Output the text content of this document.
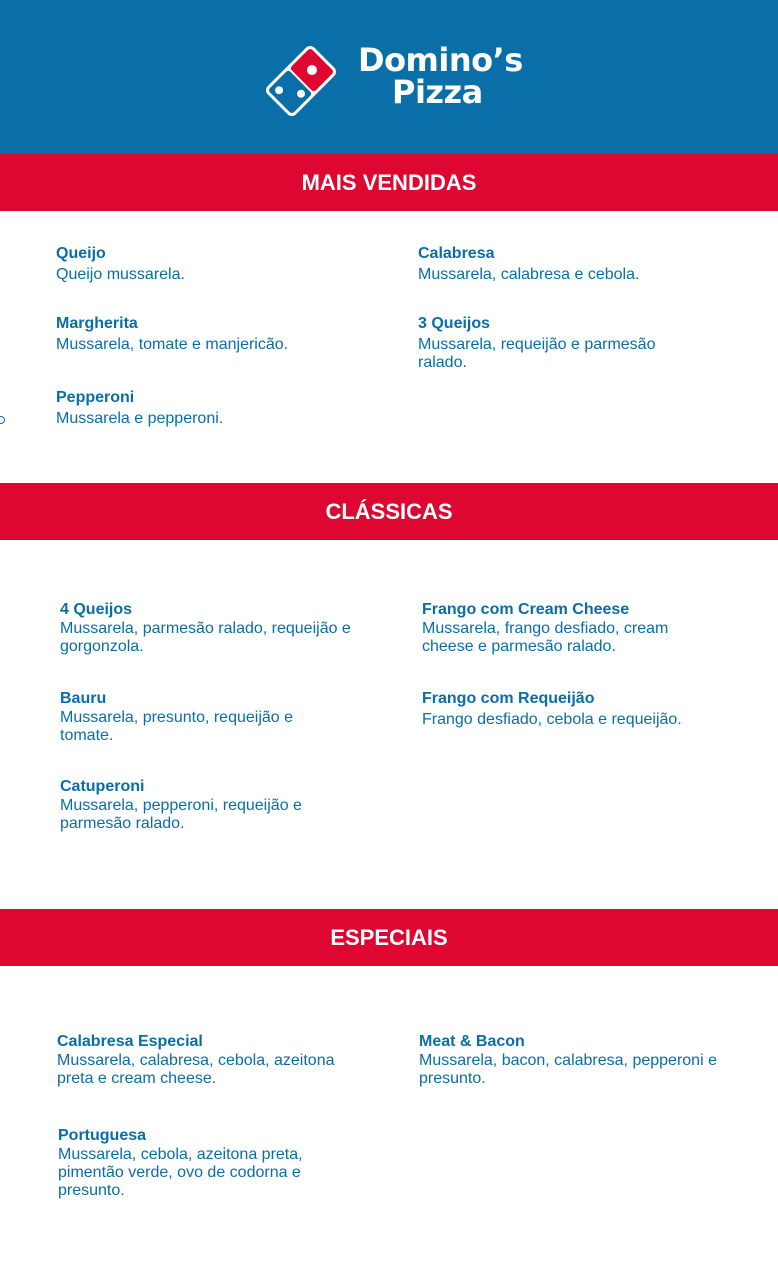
Domino’s
Pizza
MAIS VENDIDAS
Queijo
Queijo mussarela.
Calabresa
Mussarela, calabresa e cebola.
Margherita
Mussarela, tomate e manjericão.
3 Queijos
Mussarela, requeijão e parmesão ralado.
Pepperoni
Mussarela e pepperoni.
CLÁSSICAS
4 Queijos
Mussarela, parmesão ralado, requeijão e gorgonzola.
Frango com Cream Cheese
Mussarela, frango desfiado, cream cheese e parmesão ralado.
Bauru
Mussarela, presunto, requeijão e tomate.
Frango com Requeijão
Frango desfiado, cebola e requeijão.
Catuperoni
Mussarela, pepperoni, requeijão e parmesão ralado.
ESPECIAIS
Calabresa Especial
Mussarela, calabresa, cebola, azeitona preta e cream cheese.
Meat & Bacon
Mussarela, bacon, calabresa, pepperoni e presunto.
Portuguesa
Mussarela, cebola, azeitona preta, pimentão verde, ovo de codorna e presunto.
